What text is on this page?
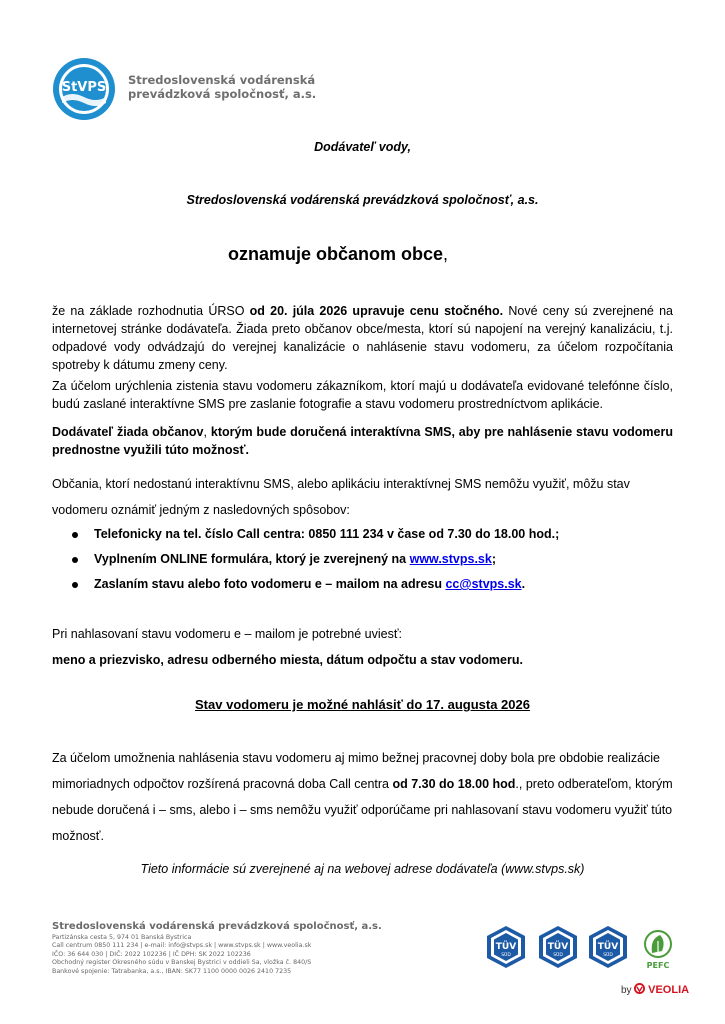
StVPS Stredoslovenská vodárenská
prevádzková spoločnosť, a.s.
Dodávateľ vody,
Stredoslovenská vodárenská prevádzková spoločnosť, a.s.
oznamuje občanom obce,
že na základe rozhodnutia ÚRSO od 20. júla 2026 upravuje cenu stočného. Nové ceny sú zverejnené na internetovej stránke dodávateľa. Žiada preto občanov obce/mesta, ktorí sú napojení na verejný kanalizáciu, t.j. odpadové vody odvádzajú do verejnej kanalizácie o nahlásenie stavu vodomeru, za účelom rozpočítania spotreby k dátumu zmeny ceny.
Za účelom urýchlenia zistenia stavu vodomeru zákazníkom, ktorí majú u dodávateľa evidované telefónne číslo, budú zaslané interaktívne SMS pre zaslanie fotografie a stavu vodomeru prostredníctvom aplikácie.
Dodávateľ žiada občanov, ktorým bude doručená interaktívna SMS, aby pre nahlásenie stavu vodomeru prednostne využili túto možnosť.
Občania, ktorí nedostanú interaktívnu SMS, alebo aplikáciu interaktívnej SMS nemôžu využiť, môžu stav vodomeru oznámiť jedným z nasledovných spôsobov:
Telefonicky na tel. číslo Call centra: 0850 111 234 v čase od 7.30 do 18.00 hod.;
Vyplnením ONLINE formulára, ktorý je zverejnený na www.stvps.sk;
Zaslaním stavu alebo foto vodomeru e – mailom na adresu cc@stvps.sk.
Pri nahlasovaní stavu vodomeru e – mailom je potrebné uviesť:
meno a priezvisko, adresu odberného miesta, dátum odpočtu a stav vodomeru.
Stav vodomeru je možné nahlásiť do 17. augusta 2026
Za účelom umožnenia nahlásenia stavu vodomeru aj mimo bežnej pracovnej doby bola pre obdobie realizácie mimoriadnych odpočtov rozšírená pracovná doba Call centra od 7.30 do 18.00 hod., preto odberateľom, ktorým nebude doručená i – sms, alebo i – sms nemôžu využiť odporúčame pri nahlasovaní stavu vodomeru využiť túto možnosť.
Tieto informácie sú zverejnené aj na webovej adrese dodávateľa (www.stvps.sk)
Stredoslovenská vodárenská prevádzková spoločnosť, a.s.
Partizánska cesta 5, 974 01 Banská Bystrica
Call centrum 0850 111 234 | e-mail: info@stvps.sk | www.stvps.sk | www.veolia.sk
IČO: 36 644 030 | DIČ: 2022 102236 | IČ DPH: SK 2022 102236
Obchodný register Okresného súdu v Banskej Bystrici v oddieli Sa, vložka č. 840/S
Bankové spojenie: Tatrabanka, a.s., IBAN: SK77 1100 0000 0026 2410 7235
TÜV
SÜD
TÜV
SÜD
TÜV
SÜD
PEFC
by VEOLIA
